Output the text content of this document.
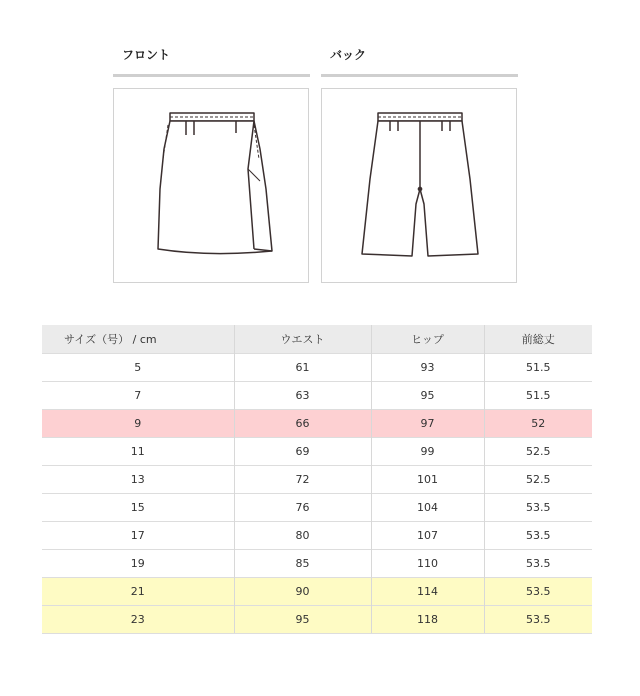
フロント	バック
サイズ（号） / cm	ウエスト	ヒップ	前総丈
5	61	93	51.5
7	63	95	51.5
9	66	97	52
11	69	99	52.5
13	72	101	52.5
15	76	104	53.5
17	80	107	53.5
19	85	110	53.5
21	90	114	53.5
23	95	118	53.5
